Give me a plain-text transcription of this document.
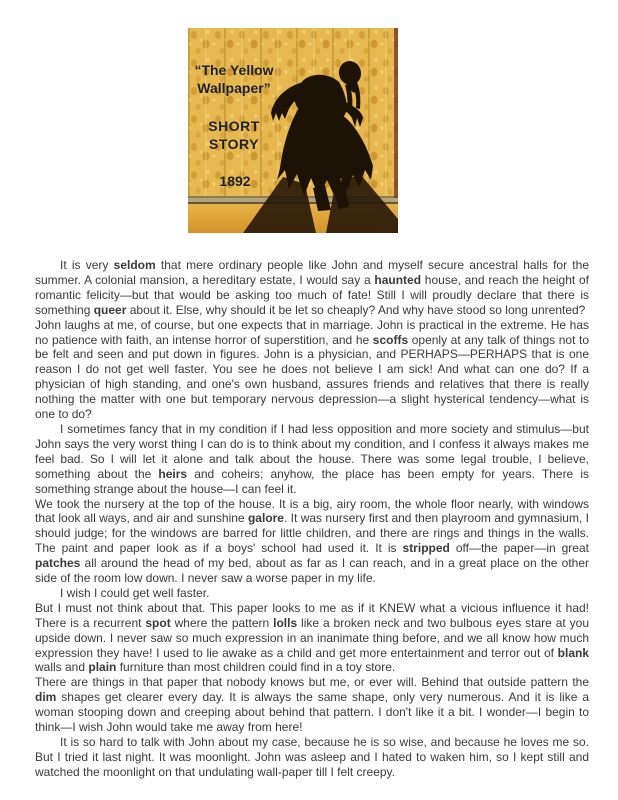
“The Yellow
Wallpaper”
SHORT
STORY
1892

It is very seldom that mere ordinary people like John and myself secure ancestral halls for the summer. A colonial mansion, a hereditary estate, I would say a haunted house, and reach the height of romantic felicity—but that would be asking too much of fate! Still I will proudly declare that there is something queer about it. Else, why should it be let so cheaply? And why have stood so long unrented?

John laughs at me, of course, but one expects that in marriage. John is practical in the extreme. He has no patience with faith, an intense horror of superstition, and he scoffs openly at any talk of things not to be felt and seen and put down in figures. John is a physician, and PERHAPS—PERHAPS that is one reason I do not get well faster. You see he does not believe I am sick! And what can one do? If a physician of high standing, and one's own husband, assures friends and relatives that there is really nothing the matter with one but temporary nervous depression—a slight hysterical tendency—what is one to do?

I sometimes fancy that in my condition if I had less opposition and more society and stimulus—but John says the very worst thing I can do is to think about my condition, and I confess it always makes me feel bad. So I will let it alone and talk about the house. There was some legal trouble, I believe, something about the heirs and coheirs; anyhow, the place has been empty for years. There is something strange about the house—I can feel it.

We took the nursery at the top of the house. It is a big, airy room, the whole floor nearly, with windows that look all ways, and air and sunshine galore. It was nursery first and then playroom and gymnasium, I should judge; for the windows are barred for little children, and there are rings and things in the walls. The paint and paper look as if a boys' school had used it. It is stripped off—the paper—in great patches all around the head of my bed, about as far as I can reach, and in a great place on the other side of the room low down. I never saw a worse paper in my life.

I wish I could get well faster.

But I must not think about that. This paper looks to me as if it KNEW what a vicious influence it had! There is a recurrent spot where the pattern lolls like a broken neck and two bulbous eyes stare at you upside down. I never saw so much expression in an inanimate thing before, and we all know how much expression they have! I used to lie awake as a child and get more entertainment and terror out of blank walls and plain furniture than most children could find in a toy store.

There are things in that paper that nobody knows but me, or ever will. Behind that outside pattern the dim shapes get clearer every day. It is always the same shape, only very numerous. And it is like a woman stooping down and creeping about behind that pattern. I don't like it a bit. I wonder—I begin to think—I wish John would take me away from here!

It is so hard to talk with John about my case, because he is so wise, and because he loves me so. But I tried it last night. It was moonlight. John was asleep and I hated to waken him, so I kept still and watched the moonlight on that undulating wall-paper till I felt creepy.
